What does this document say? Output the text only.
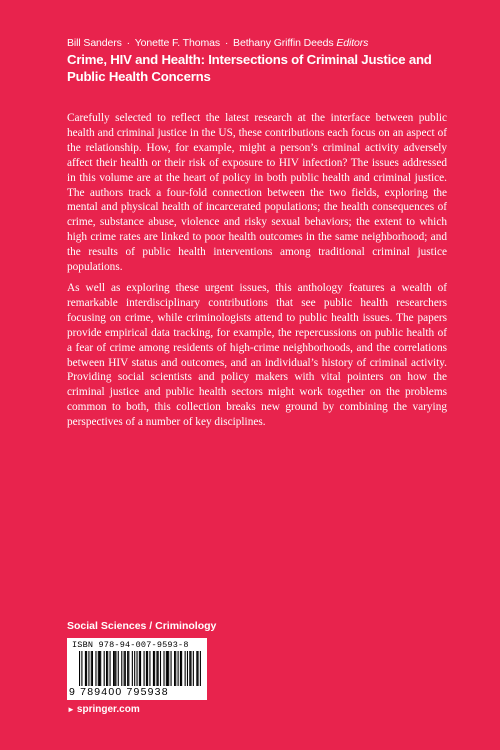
Bill Sanders · Yonette F. Thomas · Bethany Griffin Deeds Editors
Crime, HIV and Health: Intersections of Criminal Justice and Public Health Concerns

Carefully selected to reflect the latest research at the interface between public health and criminal justice in the US, these contributions each focus on an aspect of the relationship. How, for example, might a person’s criminal activity adversely affect their health or their risk of exposure to HIV infection? The issues addressed in this volume are at the heart of policy in both public health and criminal justice. The authors track a four-fold connection between the two fields, exploring the mental and physical health of incarcerated populations; the health consequences of crime, substance abuse, violence and risky sexual behaviors; the extent to which high crime rates are linked to poor health outcomes in the same neighborhood; and the results of public health interventions among traditional criminal justice populations.

As well as exploring these urgent issues, this anthology features a wealth of remarkable interdisciplinary contributions that see public health researchers focusing on crime, while criminologists attend to public health issues. The papers provide empirical data tracking, for example, the repercussions on public health of a fear of crime among residents of high-crime neighborhoods, and the correlations between HIV status and outcomes, and an individual’s history of criminal activity. Providing social scientists and policy makers with vital pointers on how the criminal justice and public health sectors might work together on the problems common to both, this collection breaks new ground by combining the varying perspectives of a number of key disciplines.

Social Sciences / Criminology
ISBN 978-94-007-9593-8
9 789400 795938
► springer.com
